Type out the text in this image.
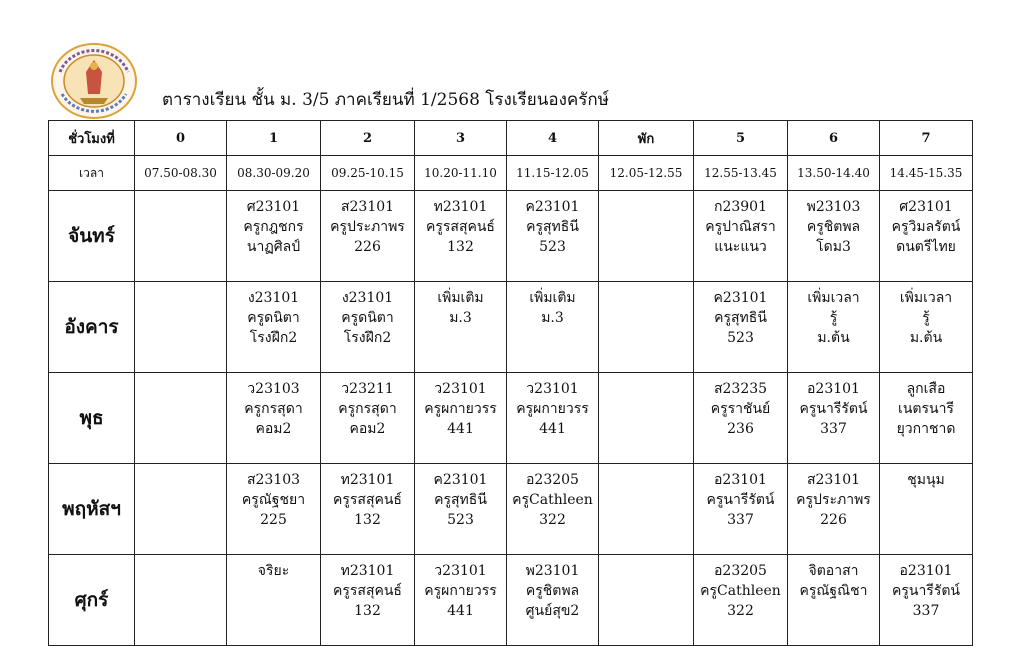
ตารางเรียน ชั้น ม. 3/5 ภาคเรียนที่ 1/2568 โรงเรียนองครักษ์
ชั่วโมงที่	0	1	2	3	4	พัก	5	6	7
เวลา	07.50-08.30	08.30-09.20	09.25-10.15	10.20-11.10	11.15-12.05	12.05-12.55	12.55-13.45	13.50-14.40	14.45-15.35
จันทร์		ศ23101
ครูกฎชกร
นาฏศิลป์	ส23101
ครูประภาพร
226	ท23101
ครูรสสุคนธ์
132	ค23101
ครูสุทธินี
523		ก23901
ครูปาณิสรา
แนะแนว	พ23103
ครูชิตพล
โดม3	ศ23101
ครูวิมลรัตน์
ดนตรีไทย

อังคาร		ง23101
ครูดนิตา
โรงฝึก2	ง23101
ครูดนิตา
โรงฝึก2	เพิ่มเติม
ม.3	เพิ่มเติม
ม.3		ค23101
ครูสุทธินี
523	เพิ่มเวลา
รู้
ม.ต้น	เพิ่มเวลา
รู้
ม.ต้น

พุธ		ว23103
ครูกรสุดา
คอม2	ว23211
ครูกรสุดา
คอม2	ว23101
ครูผกายวรร
441	ว23101
ครูผกายวรร
441		ส23235
ครูราชันย์
236	อ23101
ครูนารีรัตน์
337	ลูกเสือ
เนตรนารี
ยุวกาชาด

พฤหัสฯ		ส23103
ครูณัฐชยา
225	ท23101
ครูรสสุคนธ์
132	ค23101
ครูสุทธินี
523	อ23205
ครูCathleen
322		อ23101
ครูนารีรัตน์
337	ส23101
ครูประภาพร
226	ชุมนุม

ศุกร์		จริยะ	ท23101
ครูรสสุคนธ์
132	ว23101
ครูผกายวรร
441	พ23101
ครูชิตพล
ศูนย์สุข2		อ23205
ครูCathleen
322	จิตอาสา
ครูณัฐณิชา	อ23101
ครูนารีรัตน์
337
